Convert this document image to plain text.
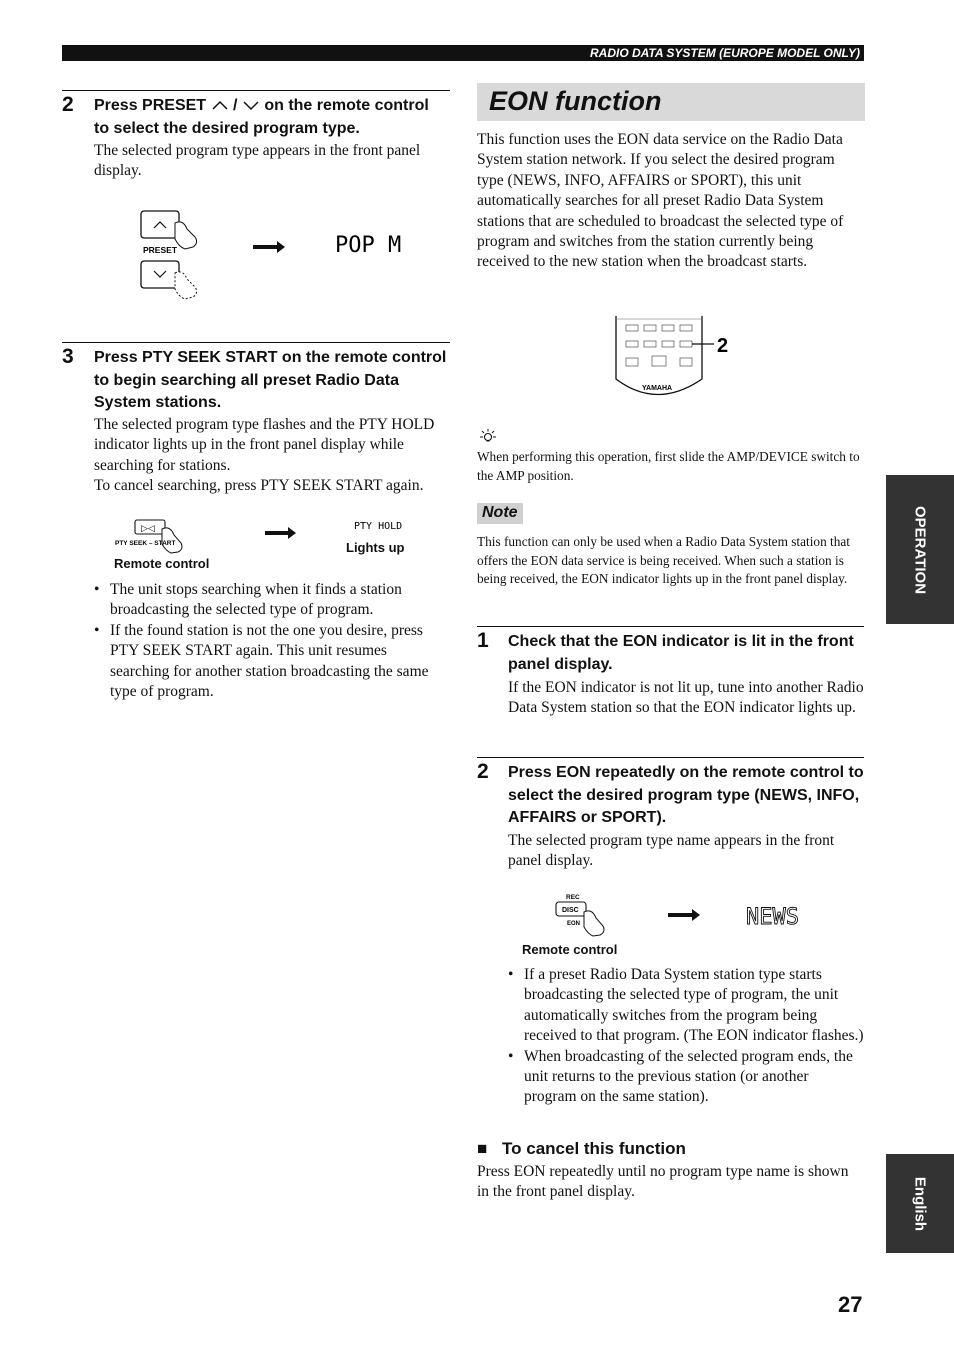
RADIO DATA SYSTEM (EUROPE MODEL ONLY)
2 Press PRESET / on the remote control
to select the desired program type.
The selected program type appears in the front panel display.
PRESET	POP M
3 Press PTY SEEK START on the remote control to begin searching all preset Radio Data System stations.
The selected program type flashes and the PTY HOLD indicator lights up in the front panel display while searching for stations.
To cancel searching, press PTY SEEK START again.
▷◁
PTY SEEK – START
PTY HOLD
Remote control
Lights up
• The unit stops searching when it finds a station broadcasting the selected type of program.
• If the found station is not the one you desire, press PTY SEEK START again. This unit resumes searching for another station broadcasting the same type of program.
EON function
This function uses the EON data service on the Radio Data System station network. If you select the desired program type (NEWS, INFO, AFFAIRS or SPORT), this unit automatically searches for all preset Radio Data System stations that are scheduled to broadcast the selected type of program and switches from the station currently being received to the new station when the broadcast starts.
2
YAMAHA
When performing this operation, first slide the AMP/DEVICE switch to the AMP position.
Note
This function can only be used when a Radio Data System station that offers the EON data service is being received. When such a station is being received, the EON indicator lights up in the front panel display.
1 Check that the EON indicator is lit in the front panel display.
If the EON indicator is not lit up, tune into another Radio Data System station so that the EON indicator lights up.
2 Press EON repeatedly on the remote control to select the desired program type (NEWS, INFO, AFFAIRS or SPORT).
The selected program type name appears in the front panel display.
REC
DISC
EON	NEWS
Remote control
• If a preset Radio Data System station type starts broadcasting the selected type of program, the unit automatically switches from the program being received to that program. (The EON indicator flashes.)
• When broadcasting of the selected program ends, the unit returns to the previous station (or another program on the same station).
■ To cancel this function
Press EON repeatedly until no program type name is shown in the front panel display.
OPERATION
English
27
